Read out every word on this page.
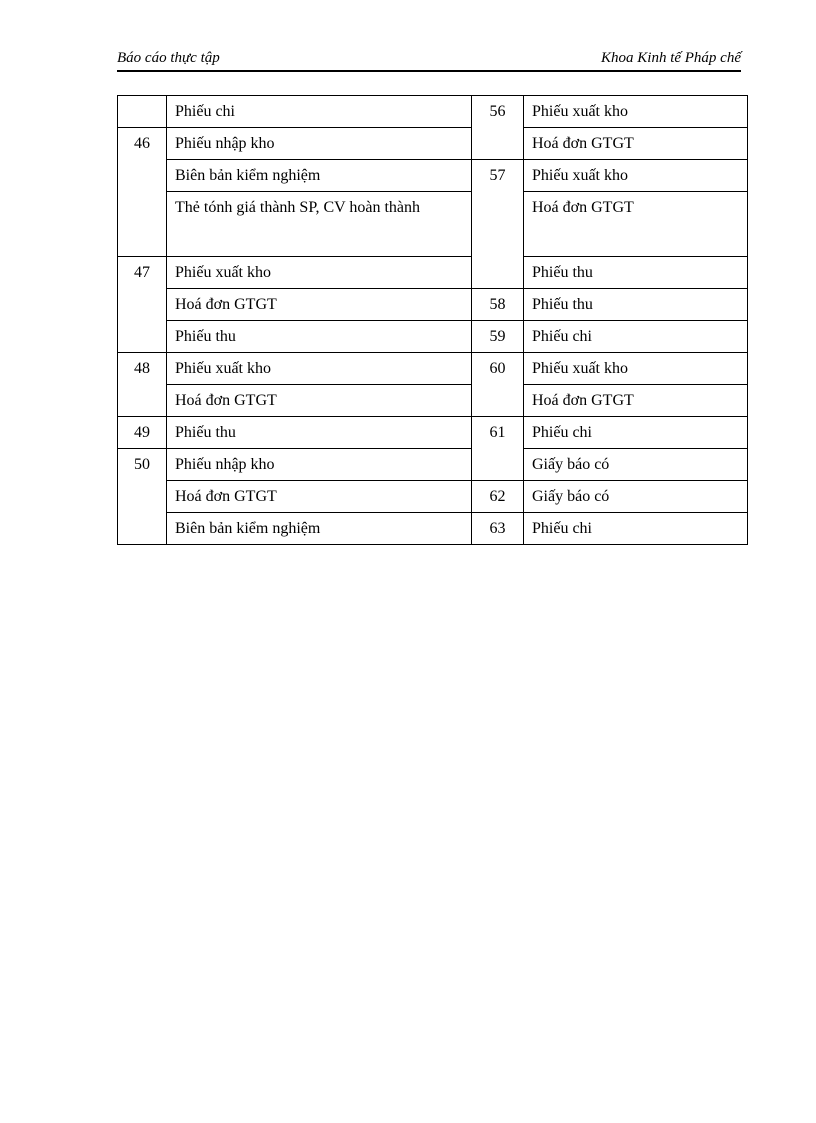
Báo cáo thực tập	Khoa Kinh tế Pháp chế
	Phiếu chi	56	Phiếu xuất kho
46	Phiếu nhập kho		Hoá đơn GTGT
	Biên bản kiểm nghiệm	57	Phiếu xuất kho
	Thẻ tónh giá thành SP, CV hoàn thành		Hoá đơn GTGT
47	Phiếu xuất kho		Phiếu thu
	Hoá đơn GTGT	58	Phiếu thu
	Phiếu thu	59	Phiếu chi
48	Phiếu xuất kho	60	Phiếu xuất kho
	Hoá đơn GTGT		Hoá đơn GTGT
49	Phiếu thu	61	Phiếu chi
50	Phiếu nhập kho		Giấy báo có
	Hoá đơn GTGT	62	Giấy báo có
	Biên bản kiểm nghiệm	63	Phiếu chi
